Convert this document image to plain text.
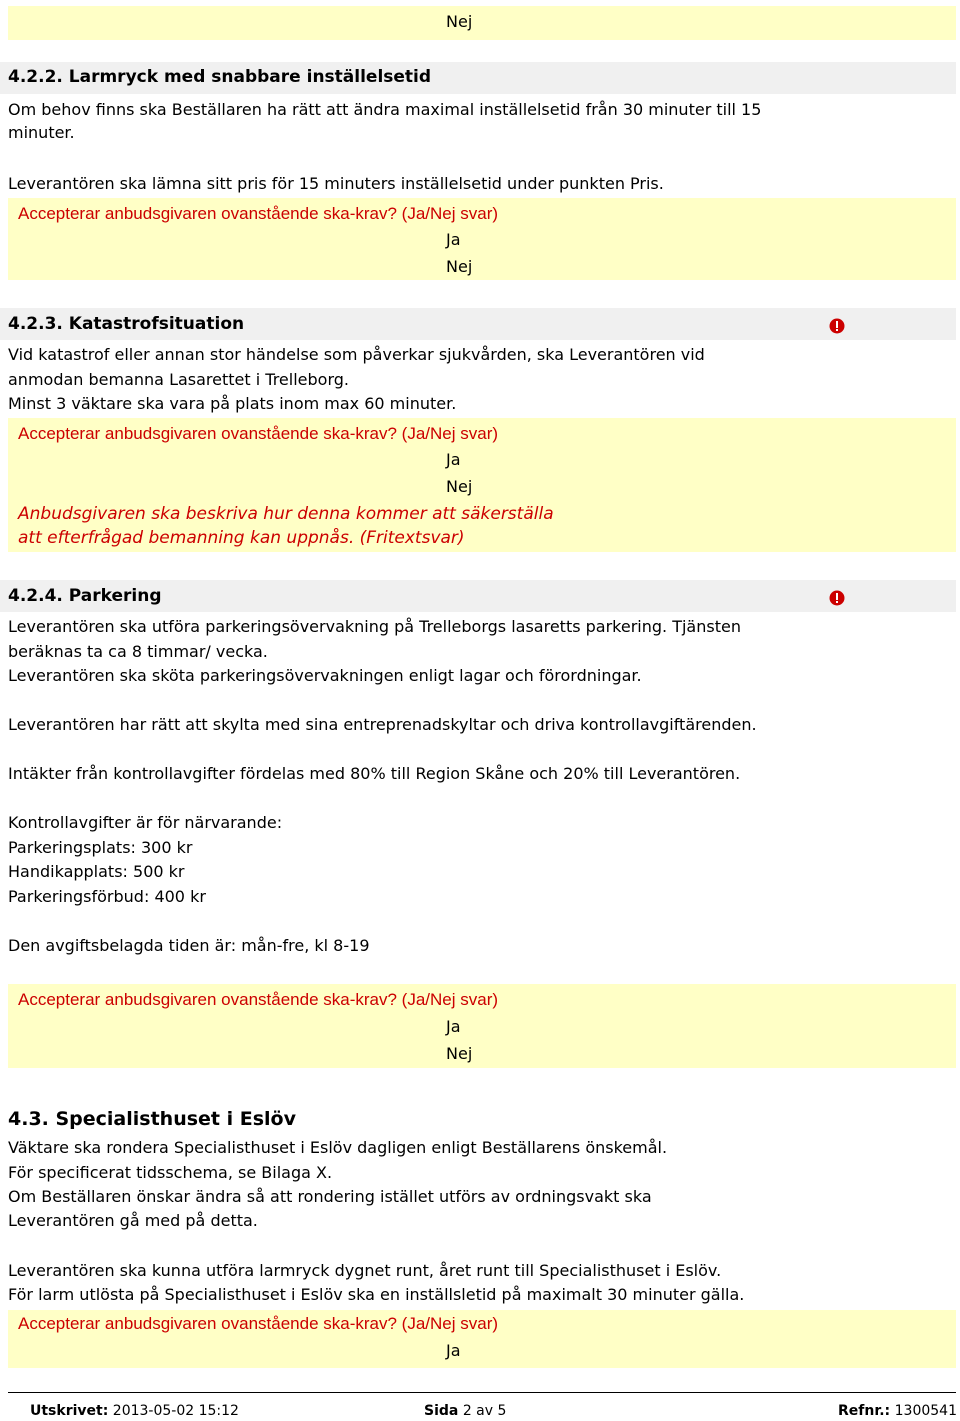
Nej
4.2.2. Larmryck med snabbare inställelsetid
Om behov finns ska Beställaren ha rätt att ändra maximal inställelsetid från 30 minuter till 15
minuter.
Leverantören ska lämna sitt pris för 15 minuters inställelsetid under punkten Pris.
Accepterar anbudsgivaren ovanstående ska-krav? (Ja/Nej svar)
Ja
Nej
4.2.3. Katastrofsituation
Vid katastrof eller annan stor händelse som påverkar sjukvården, ska Leverantören vid
anmodan bemanna Lasarettet i Trelleborg.
Minst 3 väktare ska vara på plats inom max 60 minuter.
Accepterar anbudsgivaren ovanstående ska-krav? (Ja/Nej svar)
Ja
Nej
Anbudsgivaren ska beskriva hur denna kommer att säkerställa
att efterfrågad bemanning kan uppnås. (Fritextsvar)
4.2.4. Parkering
Leverantören ska utföra parkeringsövervakning på Trelleborgs lasaretts parkering. Tjänsten
beräknas ta ca 8 timmar/ vecka.
Leverantören ska sköta parkeringsövervakningen enligt lagar och förordningar.
Leverantören har rätt att skylta med sina entreprenadskyltar och driva kontrollavgiftärenden.
Intäkter från kontrollavgifter fördelas med 80% till Region Skåne och 20% till Leverantören.
Kontrollavgifter är för närvarande:
Parkeringsplats: 300 kr
Handikapplats: 500 kr
Parkeringsförbud: 400 kr
Den avgiftsbelagda tiden är: mån-fre, kl 8-19
Accepterar anbudsgivaren ovanstående ska-krav? (Ja/Nej svar)
Ja
Nej
4.3. Specialisthuset i Eslöv
Väktare ska rondera Specialisthuset i Eslöv dagligen enligt Beställarens önskemål.
För specificerat tidsschema, se Bilaga X.
Om Beställaren önskar ändra så att rondering istället utförs av ordningsvakt ska
Leverantören gå med på detta.
Leverantören ska kunna utföra larmryck dygnet runt, året runt till Specialisthuset i Eslöv.
För larm utlösta på Specialisthuset i Eslöv ska en inställsletid på maximalt 30 minuter gälla.
Accepterar anbudsgivaren ovanstående ska-krav? (Ja/Nej svar)
Ja
Utskrivet: 2013-05-02 15:12	Sida 2 av 5	Refnr.: 1300541
